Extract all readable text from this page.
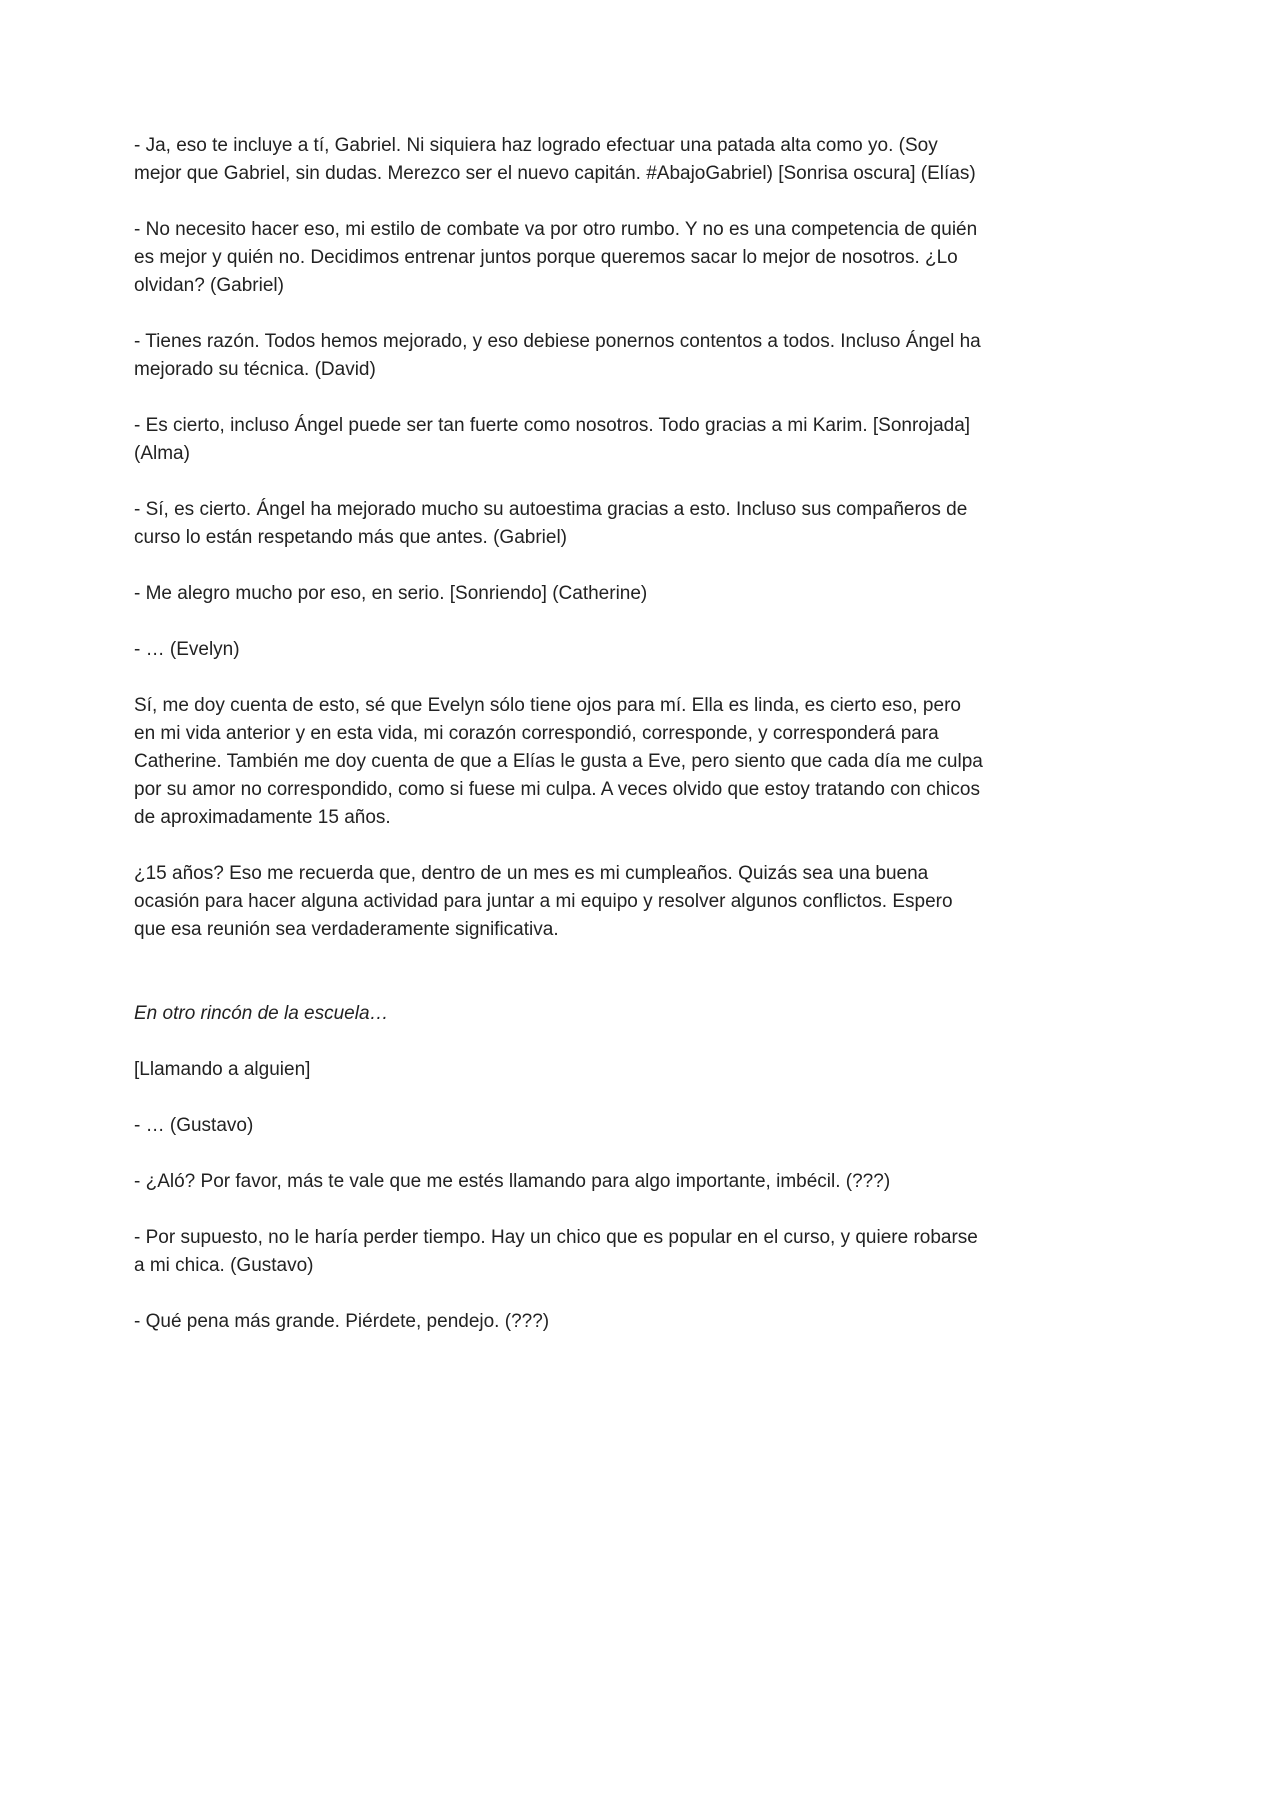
- Ja, eso te incluye a tí, Gabriel. Ni siquiera haz logrado efectuar una patada alta como yo. (Soy mejor que Gabriel, sin dudas. Merezco ser el nuevo capitán. #AbajoGabriel) [Sonrisa oscura] (Elías)

- No necesito hacer eso, mi estilo de combate va por otro rumbo. Y no es una competencia de quién es mejor y quién no. Decidimos entrenar juntos porque queremos sacar lo mejor de nosotros. ¿Lo olvidan? (Gabriel)

- Tienes razón. Todos hemos mejorado, y eso debiese ponernos contentos a todos. Incluso Ángel ha mejorado su técnica. (David)

- Es cierto, incluso Ángel puede ser tan fuerte como nosotros. Todo gracias a mi Karim. [Sonrojada] (Alma)

- Sí, es cierto. Ángel ha mejorado mucho su autoestima gracias a esto. Incluso sus compañeros de curso lo están respetando más que antes. (Gabriel)

- Me alegro mucho por eso, en serio. [Sonriendo] (Catherine)

- … (Evelyn)

Sí, me doy cuenta de esto, sé que Evelyn sólo tiene ojos para mí. Ella es linda, es cierto eso, pero en mi vida anterior y en esta vida, mi corazón correspondió, corresponde, y corresponderá para Catherine. También me doy cuenta de que a Elías le gusta a Eve, pero siento que cada día me culpa por su amor no correspondido, como si fuese mi culpa. A veces olvido que estoy tratando con chicos de aproximadamente 15 años.

¿15 años? Eso me recuerda que, dentro de un mes es mi cumpleaños. Quizás sea una buena ocasión para hacer alguna actividad para juntar a mi equipo y resolver algunos conflictos. Espero que esa reunión sea verdaderamente significativa.

En otro rincón de la escuela…

[Llamando a alguien]

- … (Gustavo)

- ¿Aló? Por favor, más te vale que me estés llamando para algo importante, imbécil. (???)

- Por supuesto, no le haría perder tiempo. Hay un chico que es popular en el curso, y quiere robarse a mi chica. (Gustavo)

- Qué pena más grande. Piérdete, pendejo. (???)
